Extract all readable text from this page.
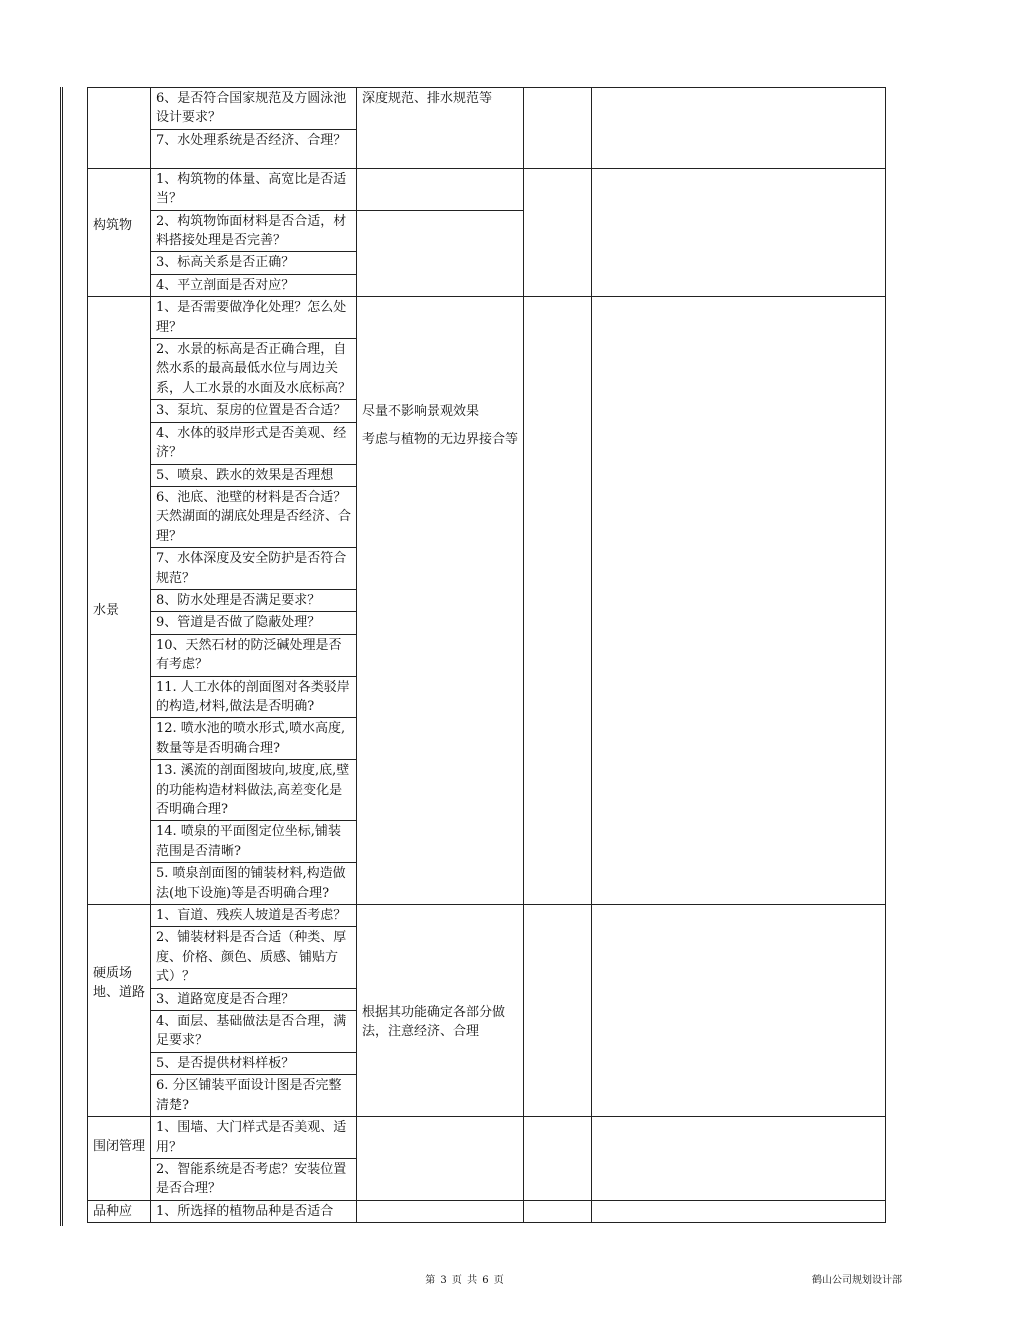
	6、是否符合国家规范及方圆泳池设计要求？	深度规范、排水规范等		
	7、水处理系统是否经济、合理？			

构筑物	1、构筑物的体量、高宽比是否适当？			
	2、构筑物饰面材料是否合适，材料搭接处理是否完善？			
	3、标高关系是否正确？			
	4、平立剖面是否对应？			

水景	1、是否需要做净化处理？怎么处理？	尽量不影响景观效果
考虑与植物的无边界接合等		

	2、水景的标高是否正确合理，自然水系的最高最低水位与周边关系，人工水景的水面及水底标高？			
	3、泵坑、泵房的位置是否合适？			
	4、水体的驳岸形式是否美观、经济？			
	5、喷泉、跌水的效果是否理想			
	6、池底、池壁的材料是否合适？天然湖面的湖底处理是否经济、合理？			
	7、水体深度及安全防护是否符合规范？			
	8、防水处理是否满足要求？			
	9、管道是否做了隐蔽处理？			
	10、天然石材的防泛碱处理是否有考虑？			
	11. 人工水体的剖面图对各类驳岸的构造,材料,做法是否明确?			
	12. 喷水池的喷水形式,喷水高度,数量等是否明确合理?			
	13. 溪流的剖面图坡向,坡度,底,壁的功能构造材料做法,高差变化是否明确合理?			
	14. 喷泉的平面图定位坐标,铺装范围是否清晰?			
	5. 喷泉剖面图的铺装材料,构造做法(地下设施)等是否明确合理?			

硬质场地、道路	1、盲道、残疾人坡道是否考虑？	根据其功能确定各部分做法，注意经济、合理		

	2、铺装材料是否合适（种类、厚度、价格、颜色、质感、铺贴方式）？			
	3、道路宽度是否合理？			
	4、面层、基础做法是否合理，满足要求？			
	5、是否提供材料样板？			
	6. 分区铺装平面设计图是否完整清楚?			

围闭管理	1、围墙、大门样式是否美观、适用？			
	2、智能系统是否考虑？安装位置是否合理？			

品种应	1、所选择的植物品种是否适合			
第 3 页 共 6 页	鹤山公司规划设计部
